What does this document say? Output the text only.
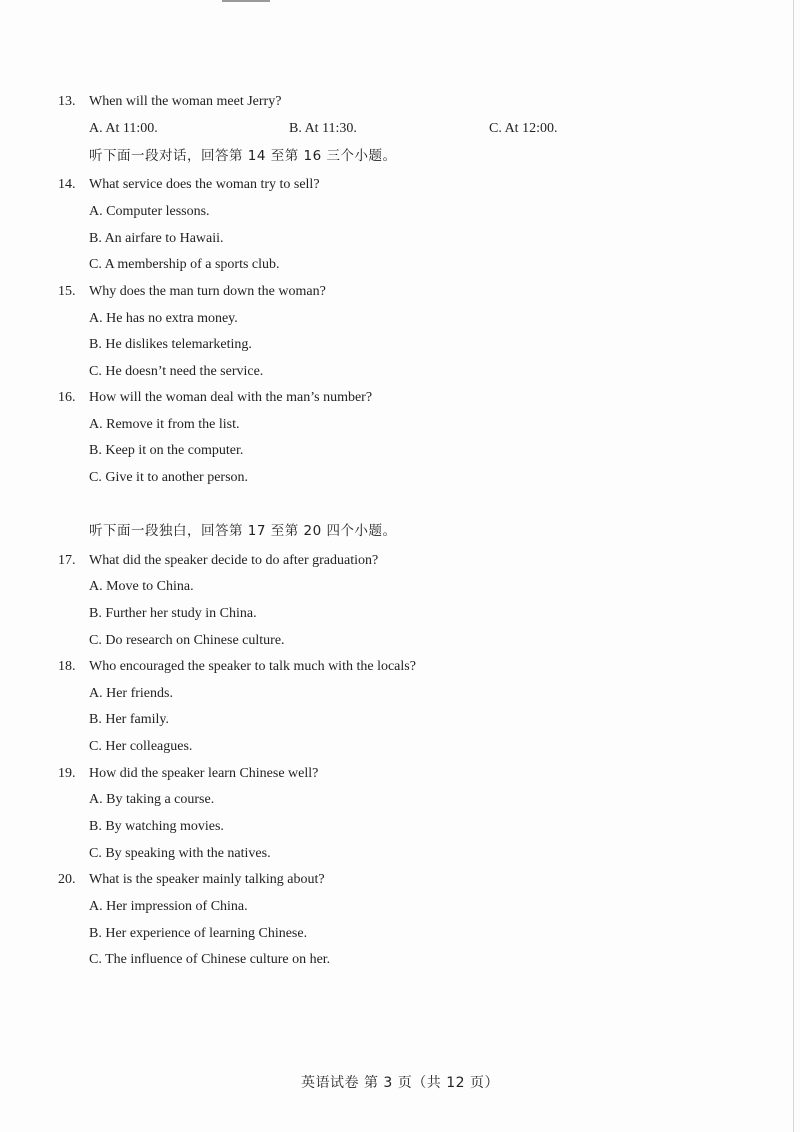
13. When will the woman meet Jerry?
A. At 11:00.	B. At 11:30.	C. At 12:00.
听下面一段对话，回答第 14 至第 16 三个小题。
14. What service does the woman try to sell?
A. Computer lessons.
B. An airfare to Hawaii.
C. A membership of a sports club.
15. Why does the man turn down the woman?
A. He has no extra money.
B. He dislikes telemarketing.
C. He doesn’t need the service.
16. How will the woman deal with the man’s number?
A. Remove it from the list.
B. Keep it on the computer.
C. Give it to another person.
听下面一段独白，回答第 17 至第 20 四个小题。
17. What did the speaker decide to do after graduation?
A. Move to China.
B. Further her study in China.
C. Do research on Chinese culture.
18. Who encouraged the speaker to talk much with the locals?
A. Her friends.
B. Her family.
C. Her colleagues.
19. How did the speaker learn Chinese well?
A. By taking a course.
B. By watching movies.
C. By speaking with the natives.
20. What is the speaker mainly talking about?
A. Her impression of China.
B. Her experience of learning Chinese.
C. The influence of Chinese culture on her.
英语试卷 第 3 页（共 12 页）
